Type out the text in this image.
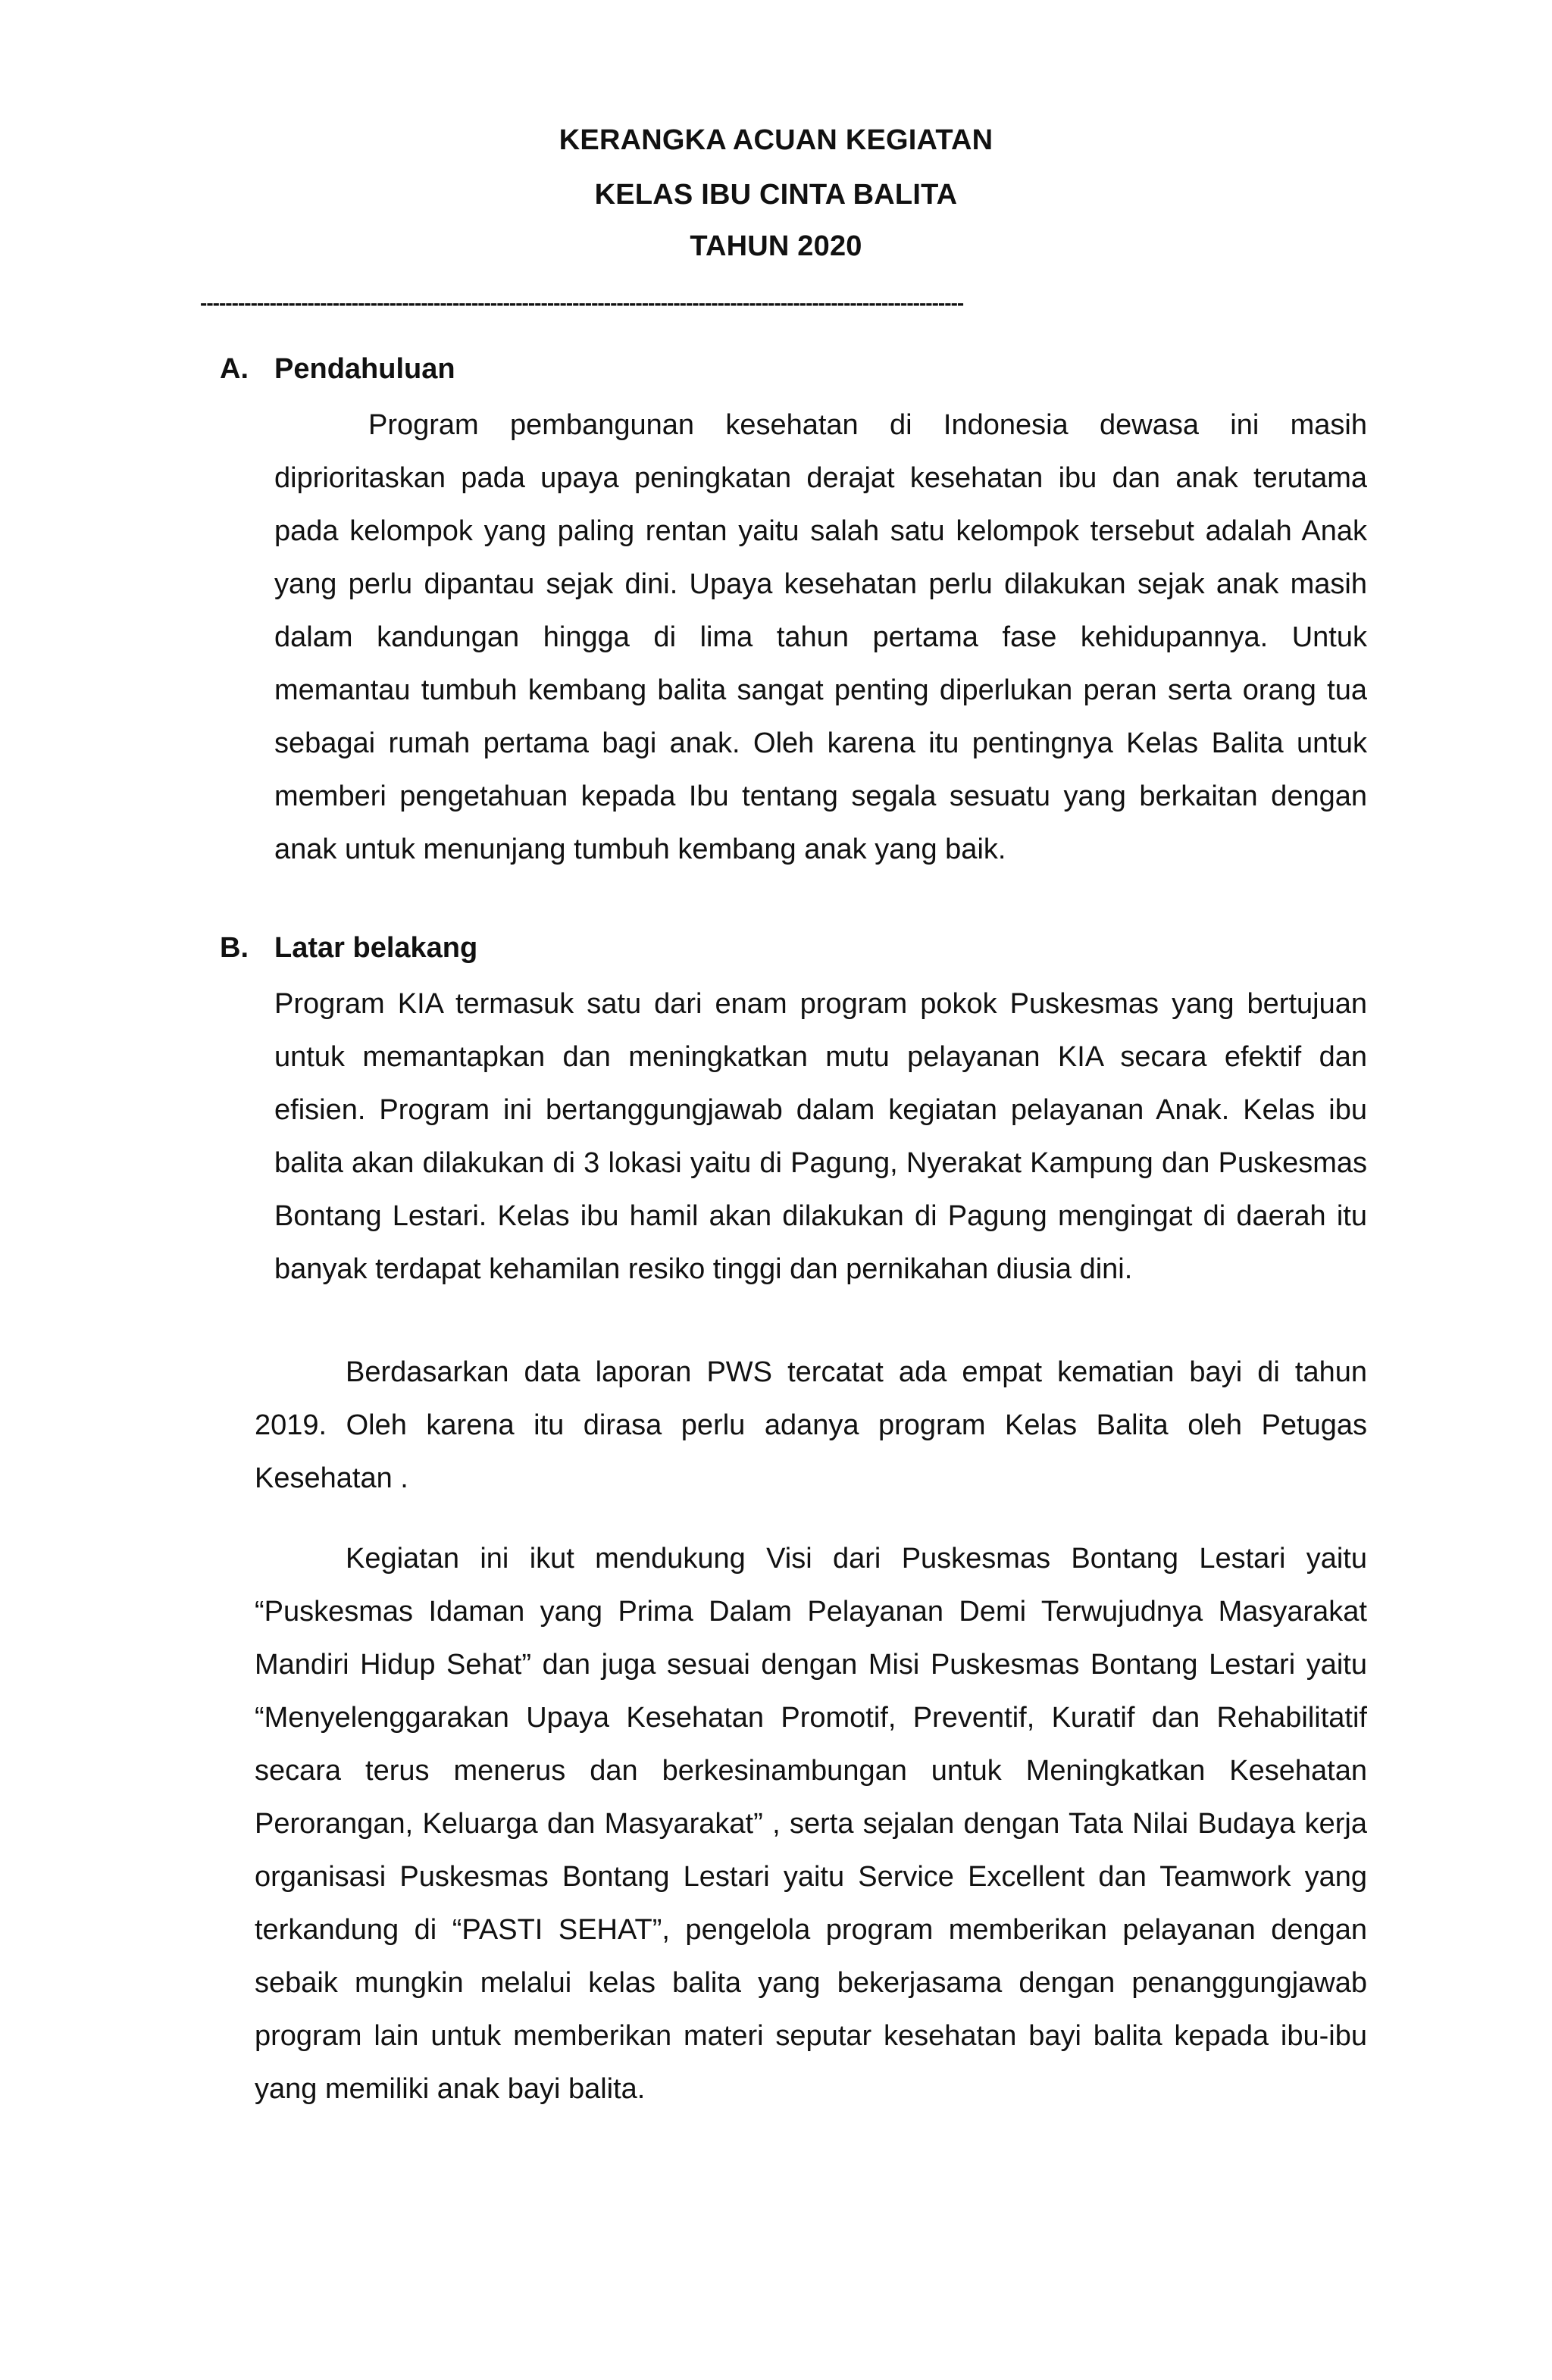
KERANGKA ACUAN KEGIATAN
KELAS IBU CINTA BALITA
TAHUN 2020
-------------------------------------------------------------------------------------------------------------------------
A. Pendahuluan

Program pembangunan kesehatan di Indonesia dewasa ini masih diprioritaskan pada upaya peningkatan derajat kesehatan ibu dan anak terutama pada kelompok yang paling rentan yaitu salah satu kelompok tersebut adalah Anak yang perlu dipantau sejak dini. Upaya kesehatan perlu dilakukan sejak anak masih dalam kandungan hingga di lima tahun pertama fase kehidupannya. Untuk memantau tumbuh kembang balita sangat penting diperlukan peran serta orang tua sebagai rumah pertama bagi anak. Oleh karena itu pentingnya Kelas Balita untuk memberi pengetahuan kepada Ibu tentang segala sesuatu yang berkaitan dengan anak untuk menunjang tumbuh kembang anak yang baik.

B. Latar belakang

Program KIA termasuk satu dari enam program pokok Puskesmas yang bertujuan untuk memantapkan dan meningkatkan mutu pelayanan KIA secara efektif dan efisien. Program ini bertanggungjawab dalam kegiatan pelayanan Anak. Kelas ibu balita akan dilakukan di 3 lokasi yaitu di Pagung, Nyerakat Kampung dan Puskesmas Bontang Lestari. Kelas ibu hamil akan dilakukan di Pagung mengingat di daerah itu banyak terdapat kehamilan resiko tinggi dan pernikahan diusia dini.

Berdasarkan data laporan PWS tercatat ada empat kematian bayi di tahun 2019. Oleh karena itu dirasa perlu adanya program Kelas Balita oleh Petugas Kesehatan .

Kegiatan ini ikut mendukung Visi dari Puskesmas Bontang Lestari yaitu “Puskesmas Idaman yang Prima Dalam Pelayanan Demi Terwujudnya Masyarakat Mandiri Hidup Sehat” dan juga sesuai dengan Misi Puskesmas Bontang Lestari yaitu “Menyelenggarakan Upaya Kesehatan Promotif, Preventif, Kuratif dan Rehabilitatif secara terus menerus dan berkesinambungan untuk Meningkatkan Kesehatan Perorangan, Keluarga dan Masyarakat” , serta sejalan dengan Tata Nilai Budaya kerja organisasi Puskesmas Bontang Lestari yaitu Service Excellent dan Teamwork yang terkandung di “PASTI SEHAT”, pengelola program memberikan pelayanan dengan sebaik mungkin melalui kelas balita yang bekerjasama dengan penanggungjawab program lain untuk memberikan materi seputar kesehatan bayi balita kepada ibu-ibu yang memiliki anak bayi balita.
